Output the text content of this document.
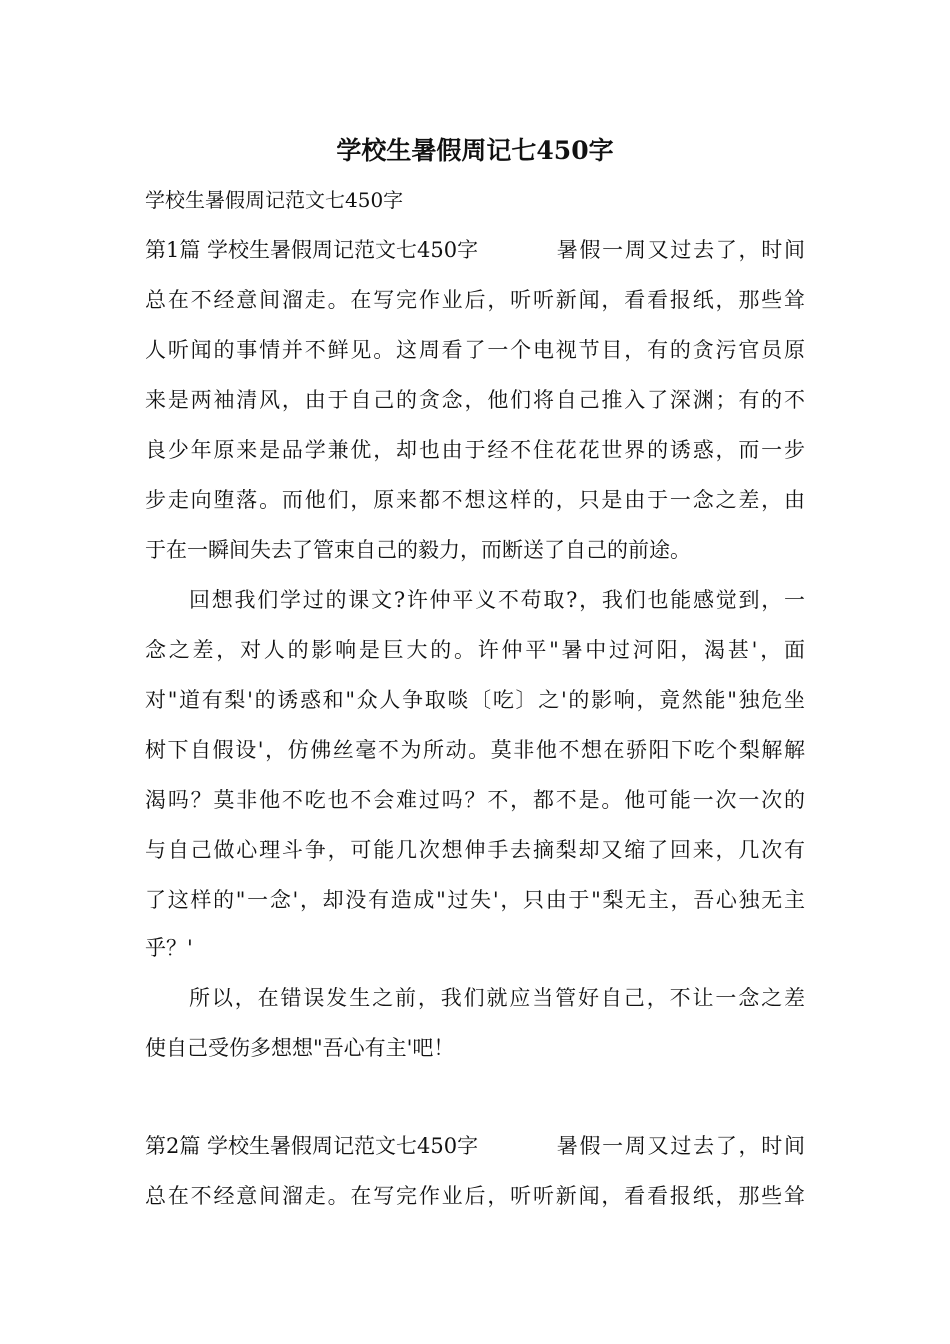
学校生暑假周记七450字
学校生暑假周记范文七450字
第1篇 学校生暑假周记范文七450字	暑假一周又过去了，时间
总在不经意间溜走。在写完作业后，听听新闻，看看报纸，那些耸
人听闻的事情并不鲜见。这周看了一个电视节目，有的贪污官员原
来是两袖清风，由于自己的贪念，他们将自己推入了深渊；有的不
良少年原来是品学兼优，却也由于经不住花花世界的诱惑，而一步
步走向堕落。而他们，原来都不想这样的，只是由于一念之差，由
于在一瞬间失去了管束自己的毅力，而断送了自己的前途。
回想我们学过的课文?许仲平义不苟取?，我们也能感觉到，一
念之差，对人的影响是巨大的。许仲平"暑中过河阳，渴甚'，面
对"道有梨'的诱惑和"众人争取啖〔吃〕之'的影响，竟然能"独危坐
树下自假设'，仿佛丝毫不为所动。莫非他不想在骄阳下吃个梨解解
渴吗？莫非他不吃也不会难过吗？不，都不是。他可能一次一次的
与自己做心理斗争，可能几次想伸手去摘梨却又缩了回来，几次有
了这样的"一念'，却没有造成"过失'，只由于"梨无主，吾心独无主
乎？'
所以，在错误发生之前，我们就应当管好自己，不让一念之差
使自己受伤多想想"吾心有主'吧！
第2篇 学校生暑假周记范文七450字	暑假一周又过去了，时间
总在不经意间溜走。在写完作业后，听听新闻，看看报纸，那些耸
